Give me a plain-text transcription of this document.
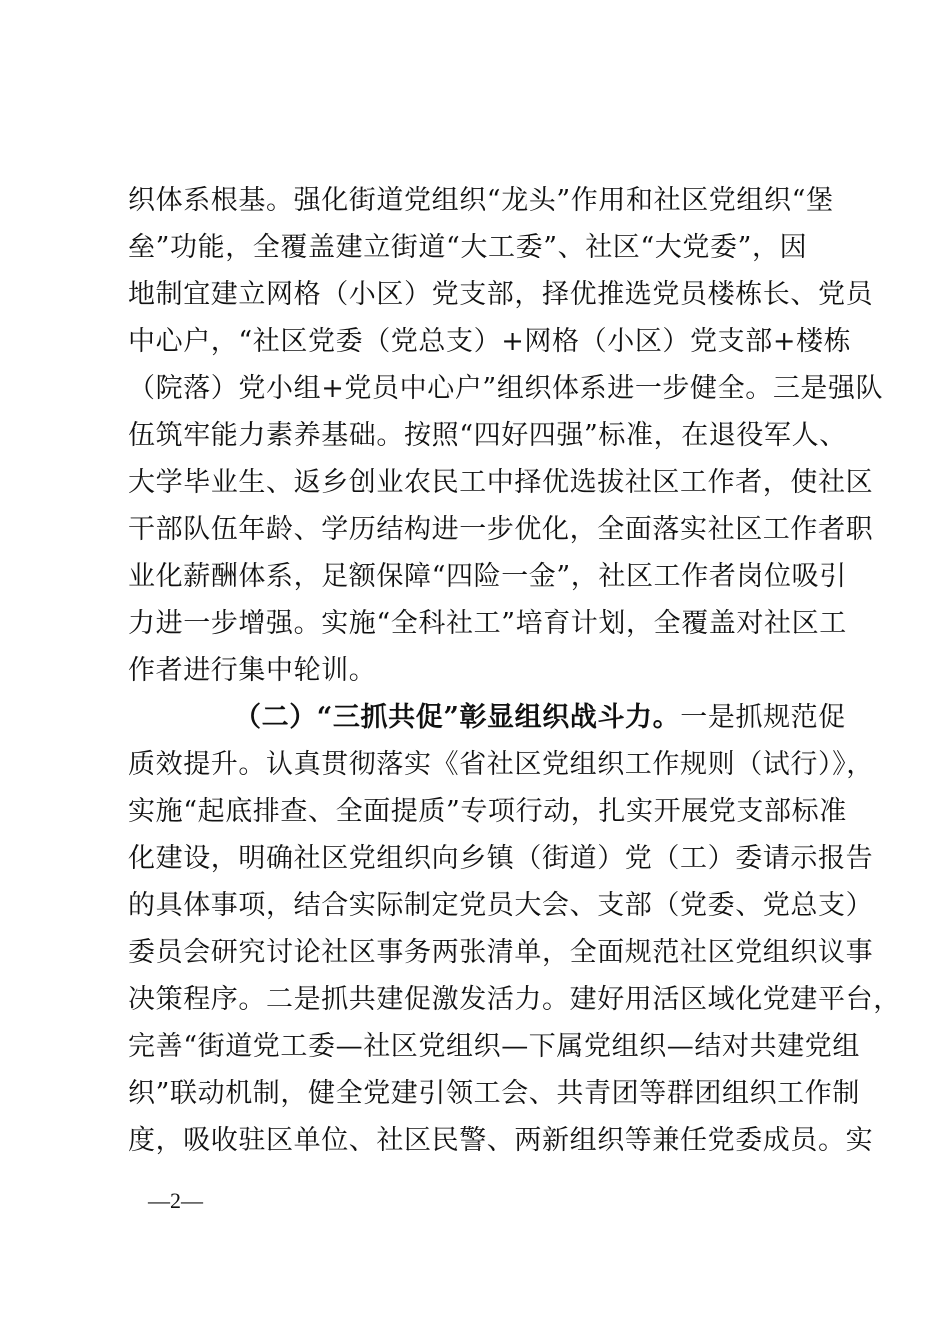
织体系根基。强化街道党组织“龙头”作用和社区党组织“堡
垒”功能，全覆盖建立街道“大工委”、社区“大党委”，因
地制宜建立网格（小区）党支部，择优推选党员楼栋长、党员
中心户，“社区党委（党总支）+网格（小区）党支部+楼栋
（院落）党小组+党员中心户”组织体系进一步健全。三是强队
伍筑牢能力素养基础。按照“四好四强”标准，在退役军人、
大学毕业生、返乡创业农民工中择优选拔社区工作者，使社区
干部队伍年龄、学历结构进一步优化，全面落实社区工作者职
业化薪酬体系，足额保障“四险一金”，社区工作者岗位吸引
力进一步增强。实施“全科社工”培育计划，全覆盖对社区工
作者进行集中轮训。
（二）“三抓共促”彰显组织战斗力。一是抓规范促
质效提升。认真贯彻落实《省社区党组织工作规则（试行）》，
实施“起底排查、全面提质”专项行动，扎实开展党支部标准
化建设，明确社区党组织向乡镇（街道）党（工）委请示报告
的具体事项，结合实际制定党员大会、支部（党委、党总支）
委员会研究讨论社区事务两张清单，全面规范社区党组织议事
决策程序。二是抓共建促激发活力。建好用活区域化党建平台，
完善“街道党工委—社区党组织—下属党组织—结对共建党组
织”联动机制，健全党建引领工会、共青团等群团组织工作制
度，吸收驻区单位、社区民警、两新组织等兼任党委成员。实
—2—
